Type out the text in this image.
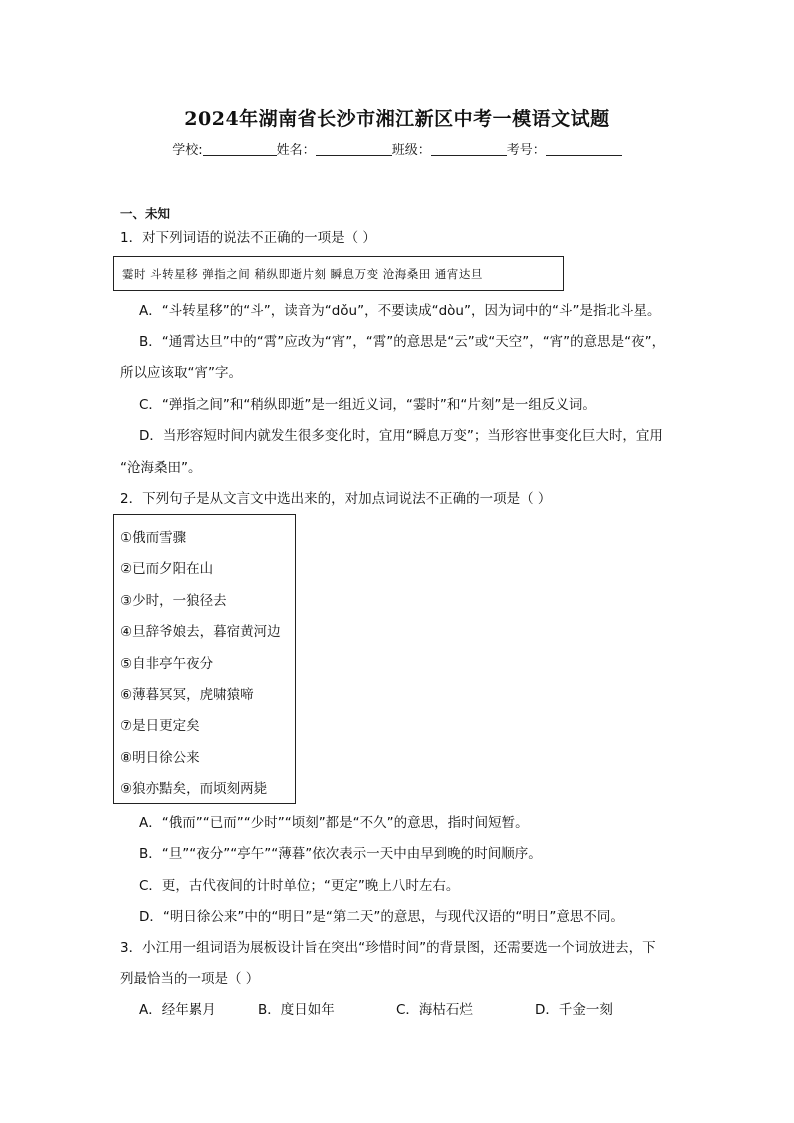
2024年湖南省长沙市湘江新区中考一模语文试题
学校:	姓名：	班级：	考号：
一、未知
1．对下列词语的说法不正确的一项是（ ）
霎时 斗转星移 弹指之间 稍纵即逝片刻 瞬息万变 沧海桑田 通宵达旦
A．“斗转星移”的“斗”，读音为“dǒu”，不要读成“dòu”，因为词中的“斗”是指北斗星。
B．“通霄达旦”中的“霄”应改为“宵”，“霄”的意思是“云”或“天空”，“宵”的意思是“夜”，
所以应该取“宵”字。
C．“弹指之间”和“稍纵即逝”是一组近义词，“霎时”和“片刻”是一组反义词。
D．当形容短时间内就发生很多变化时，宜用“瞬息万变”；当形容世事变化巨大时，宜用
“沧海桑田”。
2．下列句子是从文言文中选出来的，对加点词说法不正确的一项是（ ）
①俄而雪骤
②已而夕阳在山
③少时，一狼径去
④旦辞爷娘去，暮宿黄河边
⑤自非亭午夜分
⑥薄暮冥冥，虎啸猿啼
⑦是日更定矣
⑧明日徐公来
⑨狼亦黠矣，而顷刻两毙
A．“俄而”“已而”“少时”“顷刻”都是“不久”的意思，指时间短暂。
B．“旦”“夜分”“亭午”“薄暮”依次表示一天中由早到晚的时间顺序。
C．更，古代夜间的计时单位；“更定”晚上八时左右。
D．“明日徐公来”中的“明日”是“第二天”的意思，与现代汉语的“明日”意思不同。
3．小江用一组词语为展板设计旨在突出“珍惜时间”的背景图，还需要选一个词放进去，下
列最恰当的一项是（ ）
A．经年累月	B．度日如年	C．海枯石烂	D．千金一刻
